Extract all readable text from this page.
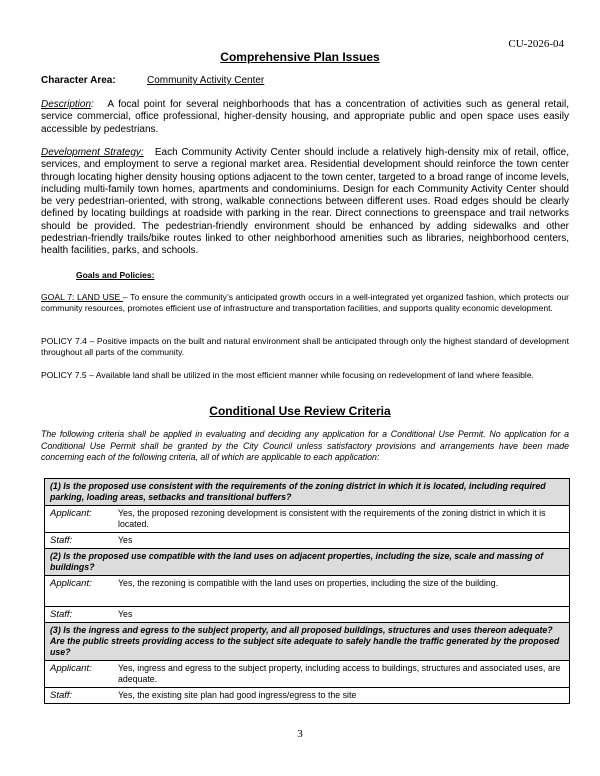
CU-2026-04
Comprehensive Plan Issues
Character Area:	Community Activity Center
Description: A focal point for several neighborhoods that has a concentration of activities such as general retail, service commercial, office professional, higher-density housing, and appropriate public and open space uses easily accessible by pedestrians.
Development Strategy: Each Community Activity Center should include a relatively high-density mix of retail, office, services, and employment to serve a regional market area. Residential development should reinforce the town center through locating higher density housing options adjacent to the town center, targeted to a broad range of income levels, including multi-family town homes, apartments and condominiums. Design for each Community Activity Center should be very pedestrian-oriented, with strong, walkable connections between different uses. Road edges should be clearly defined by locating buildings at roadside with parking in the rear. Direct connections to greenspace and trail networks should be provided. The pedestrian-friendly environment should be enhanced by adding sidewalks and other pedestrian-friendly trails/bike routes linked to other neighborhood amenities such as libraries, neighborhood centers, health facilities, parks, and schools.
Goals and Policies:
GOAL 7: LAND USE – To ensure the community’s anticipated growth occurs in a well-integrated yet organized fashion, which protects our community resources, promotes efficient use of infrastructure and transportation facilities, and supports quality economic development.
POLICY 7.4 – Positive impacts on the built and natural environment shall be anticipated through only the highest standard of development throughout all parts of the community.
POLICY 7.5 – Available land shall be utilized in the most efficient manner while focusing on redevelopment of land where feasible.
Conditional Use Review Criteria
The following criteria shall be applied in evaluating and deciding any application for a Conditional Use Permit. No application for a Conditional Use Permit shall be granted by the City Council unless satisfactory provisions and arrangements have been made concerning each of the following criteria, all of which are applicable to each application:
(1) Is the proposed use consistent with the requirements of the zoning district in which it is located, including required parking, loading areas, setbacks and transitional buffers?	
Applicant:	Yes, the proposed rezoning development is consistent with the requirements of the zoning district in which it is located.
Staff:	Yes
(2) Is the proposed use compatible with the land uses on adjacent properties, including the size, scale and massing of buildings?	
Applicant:	Yes, the rezoning is compatible with the land uses on properties, including the size of the building.
Staff:	Yes
(3) Is the ingress and egress to the subject property, and all proposed buildings, structures and uses thereon adequate? Are the public streets providing access to the subject site adequate to safely handle the traffic generated by the proposed use?	
Applicant:	Yes, ingress and egress to the subject property, including access to buildings, structures and associated uses, are adequate.
Staff:	Yes, the existing site plan had good ingress/egress to the site
3
